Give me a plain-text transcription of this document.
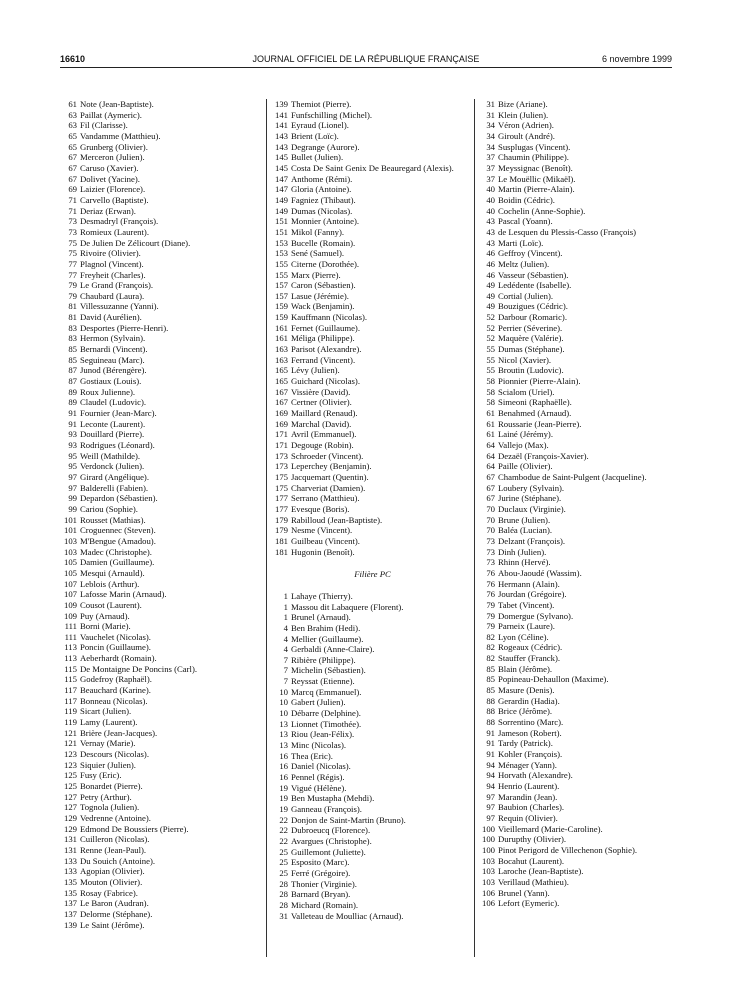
16610	JOURNAL OFFICIEL DE LA RÉPUBLIQUE FRANÇAISE	6 novembre 1999
61 Note (Jean-Baptiste).
63 Paillat (Aymeric).
63 Fil (Clarisse).
65 Vandamme (Matthieu).
65 Grunberg (Olivier).
67 Merceron (Julien).
67 Caruso (Xavier).
67 Dolivet (Yacine).
69 Laizier (Florence).
71 Carvello (Baptiste).
71 Deriaz (Erwan).
73 Desmadryl (François).
73 Romieux (Laurent).
75 De Julien De Zélicourt (Diane).
75 Rivoire (Olivier).
77 Plagnol (Vincent).
77 Freyheit (Charles).
79 Le Grand (François).
79 Chaubard (Laura).
81 Villessuzanne (Yanni).
81 David (Aurélien).
83 Desportes (Pierre-Henri).
83 Hermon (Sylvain).
85 Bernardi (Vincent).
85 Seguineau (Marc).
87 Junod (Bérengère).
87 Gostiaux (Louis).
89 Roux Julienne).
89 Claudel (Ludovic).
91 Fournier (Jean-Marc).
91 Leconte (Laurent).
93 Douillard (Pierre).
93 Rodrigues (Léonard).
95 Weill (Mathilde).
95 Verdonck (Julien).
97 Girard (Angélique).
97 Balderelli (Fabien).
99 Depardon (Sébastien).
99 Cariou (Sophie).
101 Rousset (Mathias).
101 Croguennec (Steven).
103 M'Bengue (Amadou).
103 Madec (Christophe).
105 Damien (Guillaume).
105 Mesqui (Arnauld).
107 Leblois (Arthur).
107 Lafosse Marin (Arnaud).
109 Cousot (Laurent).
109 Puy (Arnaud).
111 Borni (Marie).
111 Vauchelet (Nicolas).
113 Poncin (Guillaume).
113 Aeberhardt (Romain).
115 De Montaigne De Poncins (Carl).
115 Godefroy (Raphaël).
117 Beauchard (Karine).
117 Bonneau (Nicolas).
119 Sicart (Julien).
119 Lamy (Laurent).
121 Brière (Jean-Jacques).
121 Vernay (Marie).
123 Descours (Nicolas).
123 Siquier (Julien).
125 Fusy (Eric).
125 Bonardet (Pierre).
127 Petry (Arthur).
127 Tognola (Julien).
129 Vedrenne (Antoine).
129 Edmond De Boussiers (Pierre).
131 Cuilleron (Nicolas).
131 Renne (Jean-Paul).
133 Du Souich (Antoine).
133 Agopian (Olivier).
135 Mouton (Olivier).
135 Rosay (Fabrice).
137 Le Baron (Audran).
137 Delorme (Stéphane).
139 Le Saint (Jérôme).
139 Themiot (Pierre).
141 Funfschilling (Michel).
141 Eyraud (Lionel).
143 Brient (Loïc).
143 Degrange (Aurore).
145 Bullet (Julien).
145 Costa De Saint Genix De Beauregard (Alexis).
147 Anthome (Rémi).
147 Gloria (Antoine).
149 Fagniez (Thibaut).
149 Dumas (Nicolas).
151 Monnier (Antoine).
151 Mikol (Fanny).
153 Bucelle (Romain).
153 Sené (Samuel).
155 Citerne (Dorothée).
155 Marx (Pierre).
157 Caron (Sébastien).
157 Lasue (Jérémie).
159 Wack (Benjamin).
159 Kauffmann (Nicolas).
161 Fernet (Guillaume).
161 Méliga (Philippe).
163 Parisot (Alexandre).
163 Ferrand (Vincent).
165 Lévy (Julien).
165 Guichard (Nicolas).
167 Vissière (David).
167 Certner (Olivier).
169 Maillard (Renaud).
169 Marchal (David).
171 Avril (Emmanuel).
171 Degouge (Robin).
173 Schroeder (Vincent).
173 Leperchey (Benjamin).
175 Jacquemart (Quentin).
175 Charveriat (Damien).
177 Serrano (Matthieu).
177 Evesque (Boris).
179 Rabilloud (Jean-Baptiste).
179 Nesme (Vincent).
181 Guilbeau (Vincent).
181 Hugonin (Benoît).
Filière PC
1 Lahaye (Thierry).
1 Massou dit Labaquere (Florent).
1 Brunel (Arnaud).
4 Ben Brahim (Hedi).
4 Mellier (Guillaume).
4 Gerbaldi (Anne-Claire).
7 Ribière (Philippe).
7 Michelin (Sébastien).
7 Reyssat (Etienne).
10 Marcq (Emmanuel).
10 Gabert (Julien).
10 Débarre (Delphine).
13 Lionnet (Timothée).
13 Riou (Jean-Félix).
13 Minc (Nicolas).
16 Thea (Eric).
16 Daniel (Nicolas).
16 Pennel (Régis).
19 Vigué (Hélène).
19 Ben Mustapha (Mehdi).
19 Ganneau (François).
22 Donjon de Saint-Martin (Bruno).
22 Dubroeucq (Florence).
22 Avargues (Christophe).
25 Guillemont (Juliette).
25 Esposito (Marc).
25 Ferré (Grégoire).
28 Thonier (Virginie).
28 Barnard (Bryan).
28 Michard (Romain).
31 Valleteau de Moulliac (Arnaud).
31 Bize (Ariane).
31 Klein (Julien).
34 Véron (Adrien).
34 Giroult (André).
34 Susplugas (Vincent).
37 Chaumin (Philippe).
37 Meyssignac (Benoît).
37 Le Mouëllic (Mikaël).
40 Martin (Pierre-Alain).
40 Boidin (Cédric).
40 Cochelin (Anne-Sophie).
43 Pascal (Yoann).
43 de Lesquen du Plessis-Casso (François)
43 Marti (Loïc).
46 Geffroy (Vincent).
46 Meltz (Julien).
46 Vasseur (Sébastien).
49 Ledédente (Isabelle).
49 Cortial (Julien).
49 Bouzigues (Cédric).
52 Darbour (Romaric).
52 Perrier (Séverine).
52 Maquère (Valérie).
55 Dumas (Stéphane).
55 Nicol (Xavier).
55 Broutin (Ludovic).
58 Pionnier (Pierre-Alain).
58 Scialom (Uriel).
58 Simeoni (Raphaëlle).
61 Benahmed (Arnaud).
61 Roussarie (Jean-Pierre).
61 Lainé (Jérémy).
64 Vallejo (Max).
64 Dezaël (François-Xavier).
64 Paille (Olivier).
67 Chambodue de Saint-Pulgent (Jacqueline).
67 Loubery (Sylvain).
67 Jurine (Stéphane).
70 Duclaux (Virginie).
70 Brune (Julien).
70 Baléa (Lucian).
73 Delzant (François).
73 Dinh (Julien).
73 Rhinn (Hervé).
76 Abou-Jaoudé (Wassim).
76 Hermann (Alain).
76 Jourdan (Grégoire).
79 Tabet (Vincent).
79 Domergue (Sylvano).
79 Parneix (Laure).
82 Lyon (Céline).
82 Rogeaux (Cédric).
82 Stauffer (Franck).
85 Blain (Jérôme).
85 Popineau-Dehaullon (Maxime).
85 Masure (Denis).
88 Gerardin (Hadia).
88 Brice (Jérôme).
88 Sorrentino (Marc).
91 Jameson (Robert).
91 Tardy (Patrick).
91 Kohler (François).
94 Ménager (Yann).
94 Horvath (Alexandre).
94 Henrio (Laurent).
97 Marandin (Jean).
97 Baubion (Charles).
97 Requin (Olivier).
100 Vieillemard (Marie-Caroline).
100 Durupthy (Olivier).
100 Pinot Perigord de Villechenon (Sophie).
103 Bocahut (Laurent).
103 Laroche (Jean-Baptiste).
103 Verillaud (Mathieu).
106 Brunel (Yann).
106 Lefort (Eymeric).
